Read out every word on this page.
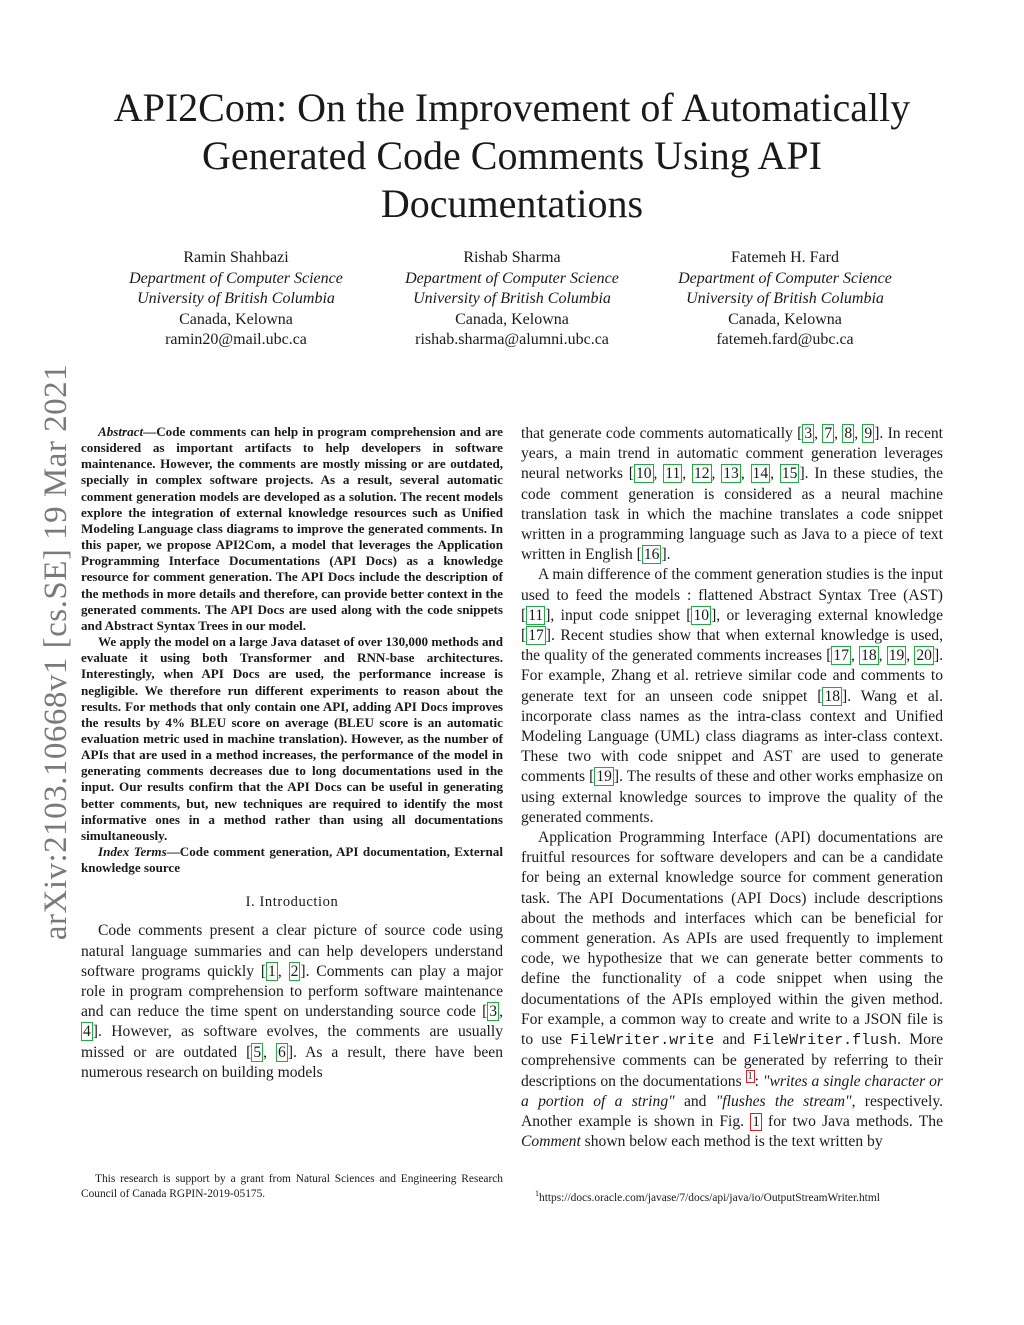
arXiv:2103.10668v1 [cs.SE] 19 Mar 2021
API2Com: On the Improvement of Automatically Generated Code Comments Using API Documentations
Ramin Shahbazi
Department of Computer Science
University of British Columbia
Canada, Kelowna
ramin20@mail.ubc.ca
Rishab Sharma
Department of Computer Science
University of British Columbia
Canada, Kelowna
rishab.sharma@alumni.ubc.ca
Fatemeh H. Fard
Department of Computer Science
University of British Columbia
Canada, Kelowna
fatemeh.fard@ubc.ca

Abstract—Code comments can help in program comprehension and are considered as important artifacts to help developers in software maintenance. However, the comments are mostly missing or are outdated, specially in complex software projects. As a result, several automatic comment generation models are developed as a solution. The recent models explore the integration of external knowledge resources such as Unified Modeling Language class diagrams to improve the generated comments. In this paper, we propose API2Com, a model that leverages the Application Programming Interface Documentations (API Docs) as a knowledge resource for comment generation. The API Docs include the description of the methods in more details and therefore, can provide better context in the generated comments. The API Docs are used along with the code snippets and Abstract Syntax Trees in our model.

We apply the model on a large Java dataset of over 130,000 methods and evaluate it using both Transformer and RNN-base architectures. Interestingly, when API Docs are used, the performance increase is negligible. We therefore run different experiments to reason about the results. For methods that only contain one API, adding API Docs improves the results by 4% BLEU score on average (BLEU score is an automatic evaluation metric used in machine translation). However, as the number of APIs that are used in a method increases, the performance of the model in generating comments decreases due to long documentations used in the input. Our results confirm that the API Docs can be useful in generating better comments, but, new techniques are required to identify the most informative ones in a method rather than using all documentations simultaneously.

Index Terms—Code comment generation, API documentation, External knowledge source

I. Introduction

Code comments present a clear picture of source code using natural language summaries and can help developers understand software programs quickly [ 1 , 2 ]. Comments can play a major role in program comprehension to perform software maintenance and can reduce the time spent on understanding source code [ 3 , 4 ]. However, as software evolves, the comments are usually missed or are outdated [ 5 , 6 ]. As a result, there have been numerous research on building models

This research is support by a grant from Natural Sciences and Engineering Research Council of Canada RGPIN-2019-05175.

that generate code comments automatically [ 3 , 7 , 8 , 9 ]. In recent years, a main trend in automatic comment generation leverages neural networks [ 10 , 11 , 12 , 13 , 14 , 15 ]. In these studies, the code comment generation is considered as a neural machine translation task in which the machine translates a code snippet written in a programming language such as Java to a piece of text written in English [ 16 ].

A main difference of the comment generation studies is the input used to feed the models : flattened Abstract Syntax Tree (AST) [ 11 ], input code snippet [ 10 ], or leveraging external knowledge [ 17 ]. Recent studies show that when external knowledge is used, the quality of the generated comments increases [ 17 , 18 , 19 , 20 ]. For example, Zhang et al. retrieve similar code and comments to generate text for an unseen code snippet [ 18 ]. Wang et al. incorporate class names as the intra-class context and Unified Modeling Language (UML) class diagrams as inter-class context. These two with code snippet and AST are used to generate comments [ 19 ]. The results of these and other works emphasize on using external knowledge sources to improve the quality of the generated comments.

Application Programming Interface (API) documentations are fruitful resources for software developers and can be a candidate for being an external knowledge source for comment generation task. The API Documentations (API Docs) include descriptions about the methods and interfaces which can be beneficial for comment generation. As APIs are used frequently to implement code, we hypothesize that we can generate better comments to define the functionality of a code snippet when using the documentations of the APIs employed within the given method. For example, a common way to create and write to a JSON file is to use FileWriter.write and FileWriter.flush. More comprehensive comments can be generated by referring to their descriptions on the documentations $^1$ : "writes a single character or a portion of a string" and "flushes the stream", respectively. Another example is shown in Fig. 1 for two Java methods. The Comment shown below each method is the text written by

$^1$https://docs.oracle.com/javase/7/docs/api/java/io/OutputStreamWriter.html
